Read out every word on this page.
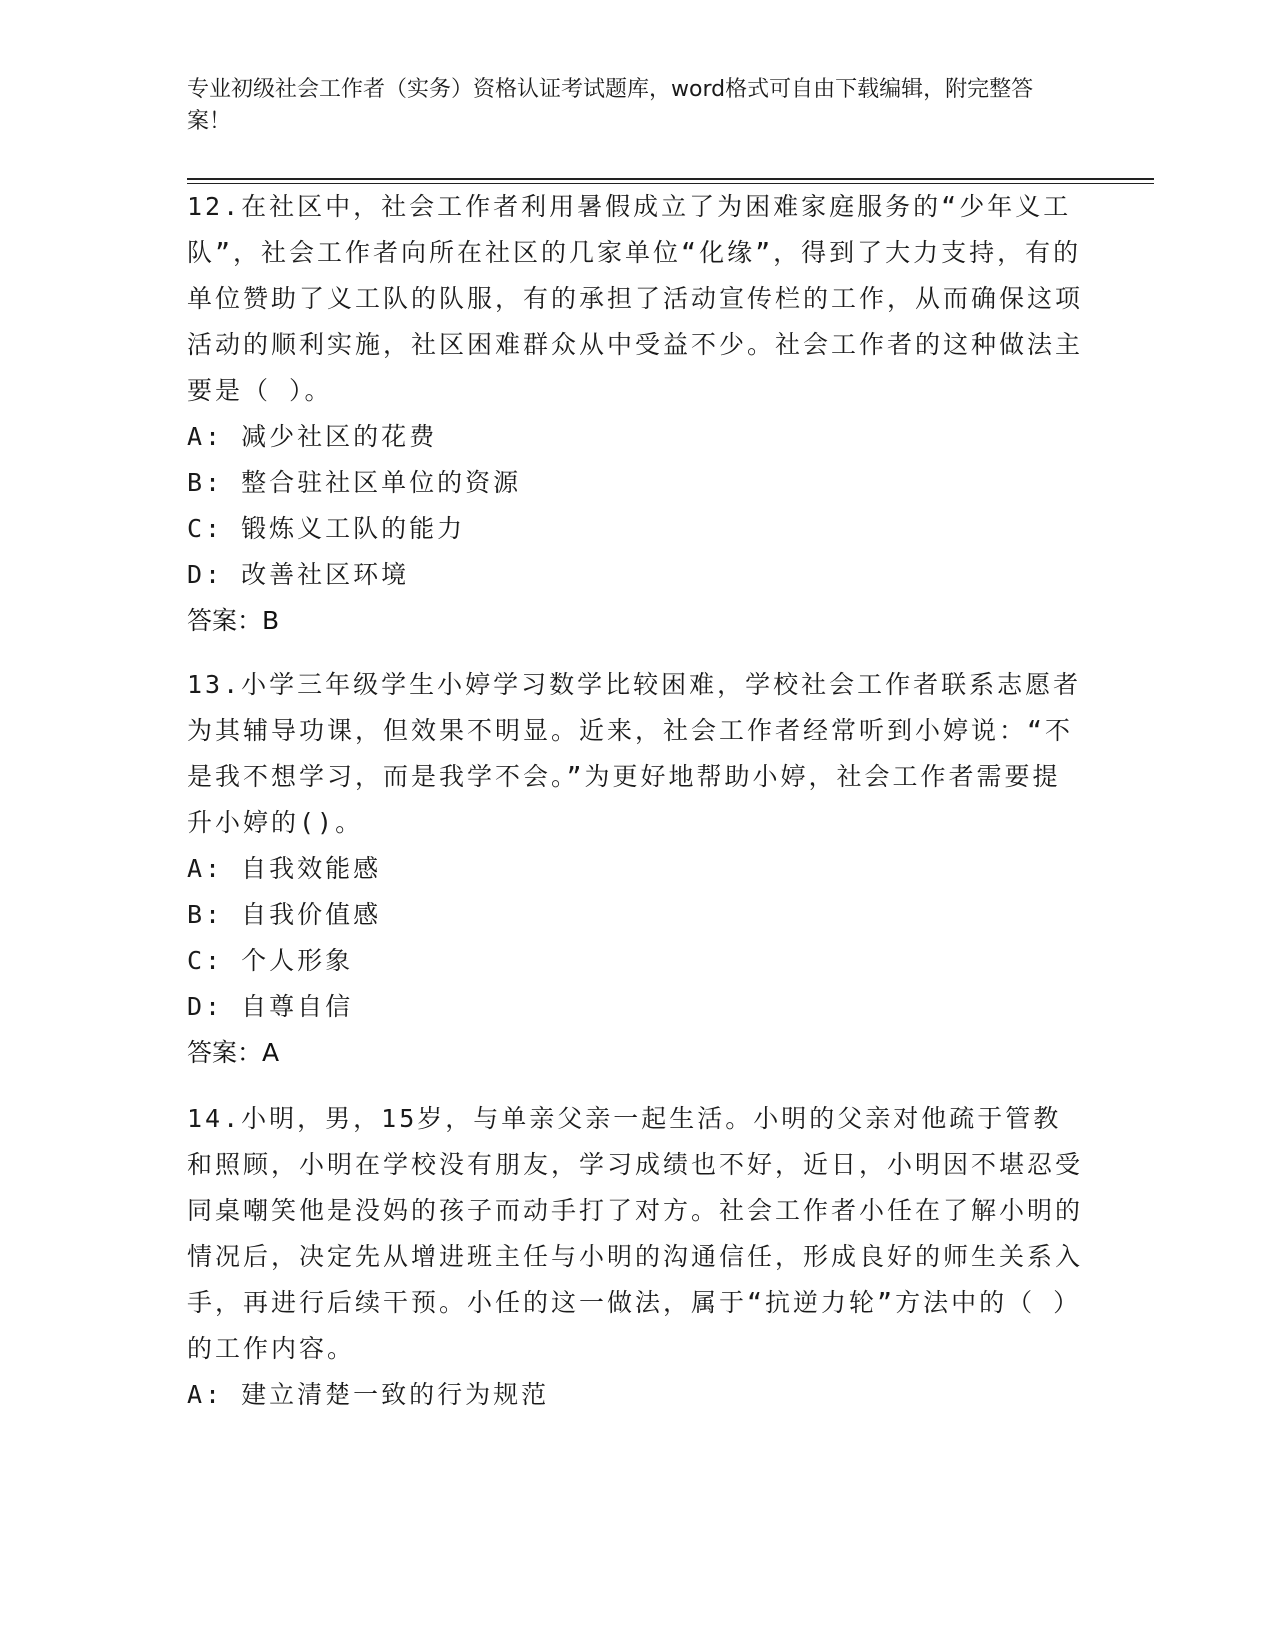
专业初级社会工作者（实务）资格认证考试题库，word格式可自由下载编辑，附完整答案！

12.在社区中，社会工作者利用暑假成立了为困难家庭服务的“少年义工队”，社会工作者向所在社区的几家单位“化缘”，得到了大力支持，有的单位赞助了义工队的队服，有的承担了活动宣传栏的工作，从而确保这项活动的顺利实施，社区困难群众从中受益不少。社会工作者的这种做法主要是（ ）。

A: 减少社区的花费

B: 整合驻社区单位的资源

C: 锻炼义工队的能力

D: 改善社区环境

答案：B

13.小学三年级学生小婷学习数学比较困难，学校社会工作者联系志愿者为其辅导功课，但效果不明显。近来，社会工作者经常听到小婷说：“不是我不想学习，而是我学不会。”为更好地帮助小婷，社会工作者需要提升小婷的()。

A: 自我效能感

B: 自我价值感

C: 个人形象

D: 自尊自信

答案：A

14.小明，男，15岁，与单亲父亲一起生活。小明的父亲对他疏于管教和照顾，小明在学校没有朋友，学习成绩也不好，近日，小明因不堪忍受同桌嘲笑他是没妈的孩子而动手打了对方。社会工作者小任在了解小明的情况后，决定先从增进班主任与小明的沟通信任，形成良好的师生关系入手，再进行后续干预。小任的这一做法，属于“抗逆力轮”方法中的（ ）的工作内容。

A: 建立清楚一致的行为规范
